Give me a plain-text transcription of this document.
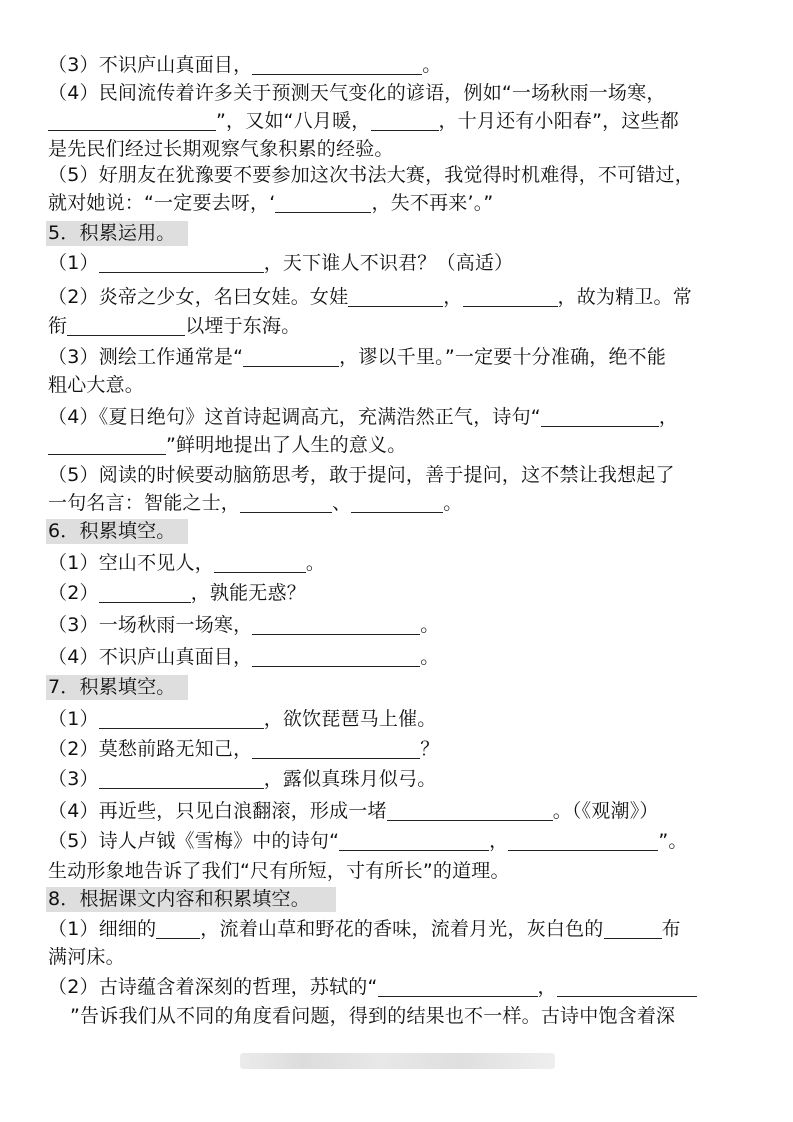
（3）不识庐山真面目，	。
（4）民间流传着许多关于预测天气变化的谚语，例如“一场秋雨一场寒，
”，又如“八月暖，	，十月还有小阳春”，这些都
是先民们经过长期观察气象积累的经验。
（5）好朋友在犹豫要不要参加这次书法大赛，我觉得时机难得，不可错过，
就对她说：“一定要去呀，‘	，失不再来’。”
5．积累运用。
（1）	，天下谁人不识君？（高适）
（2）炎帝之少女，名曰女娃。女娃	，	，故为精卫。常
衔	以堙于东海。
（3）测绘工作通常是“	，谬以千里。”一定要十分准确，绝不能
粗心大意。
（4）《夏日绝句》这首诗起调高亢，充满浩然正气，诗句“	，
”鲜明地提出了人生的意义。
（5）阅读的时候要动脑筋思考，敢于提问，善于提问，这不禁让我想起了
一句名言：智能之士，	、	。
6．积累填空。
（1）空山不见人，	。
（2）	，孰能无惑？
（3）一场秋雨一场寒，	。
（4）不识庐山真面目，	。
7．积累填空。
（1）	，欲饮琵琶马上催。
（2）莫愁前路无知己，	？
（3）	，露似真珠月似弓。
（4）再近些，只见白浪翻滚，形成一堵	。（《观潮》）
（5）诗人卢钺《雪梅》中的诗句“	，	”。
生动形象地告诉了我们“尺有所短，寸有所长”的道理。
8．根据课文内容和积累填空。
（1）细细的 ，流着山草和野花的香味，流着月光，灰白色的	布
满河床。
（2）古诗蕴含着深刻的哲理，苏轼的“	，
”告诉我们从不同的角度看问题，得到的结果也不一样。古诗中饱含着深
